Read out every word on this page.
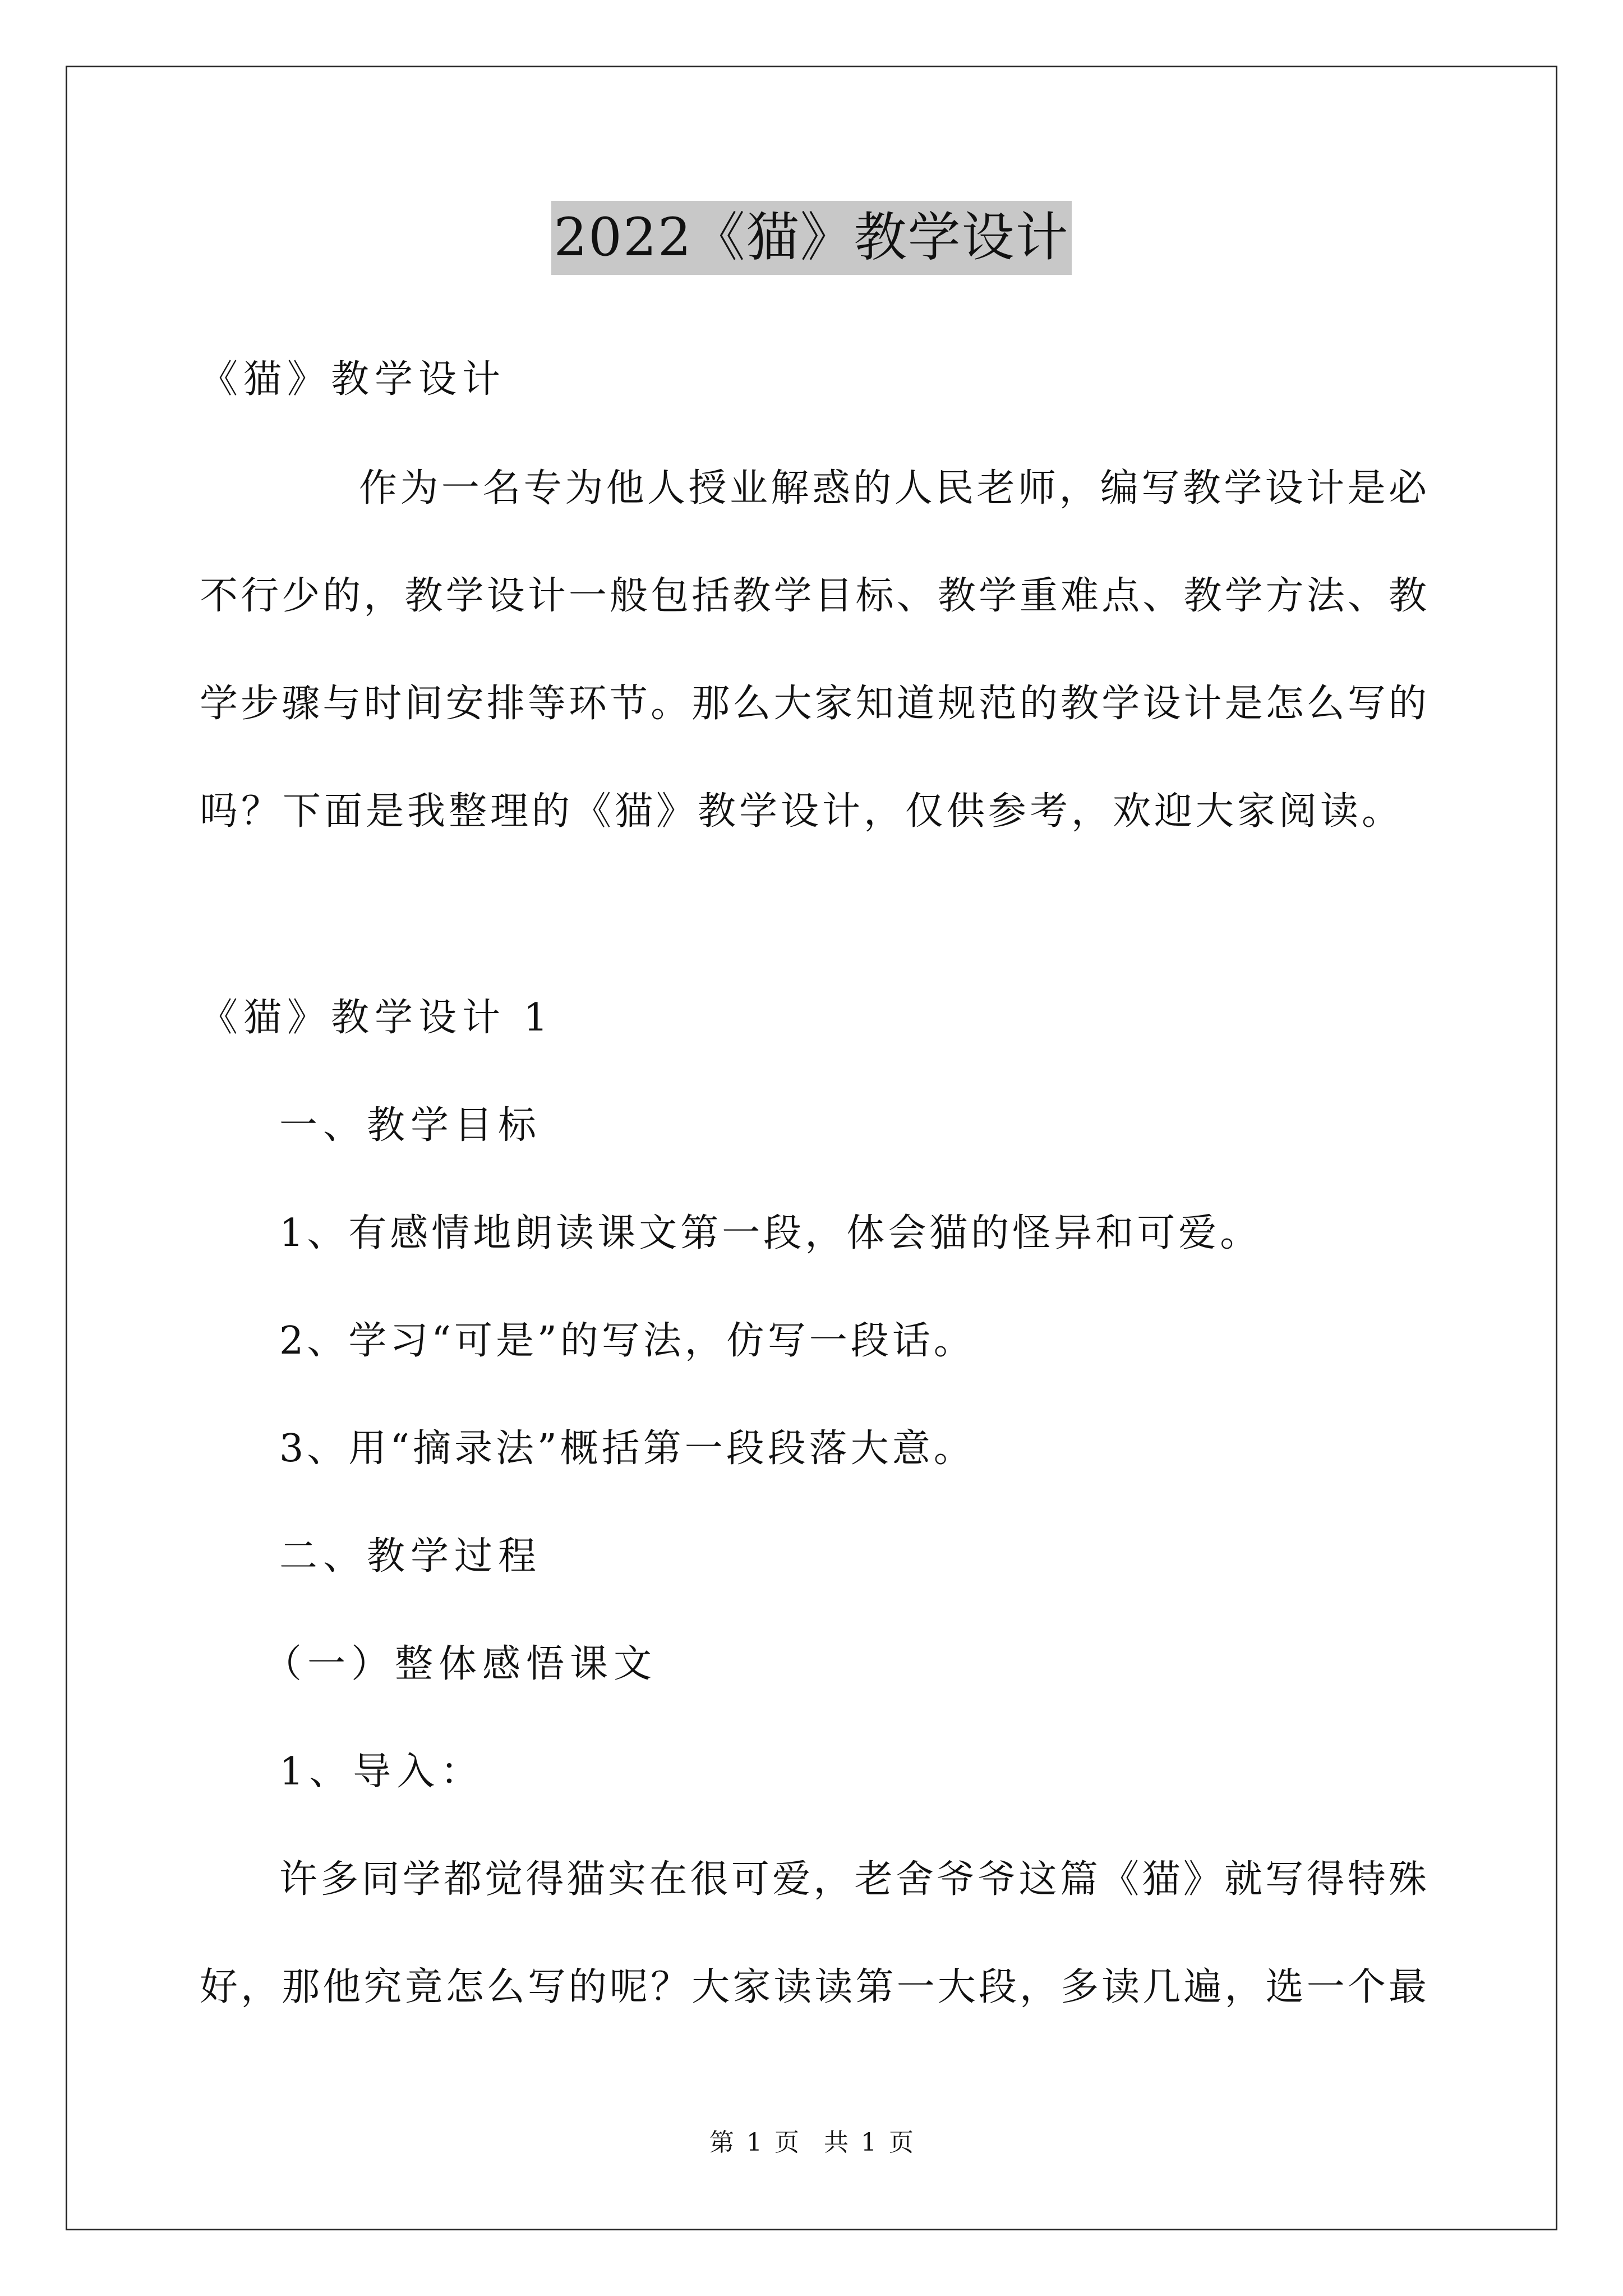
2022《猫》教学设计
《猫》教学设计
作为一名专为他人授业解惑的人民老师，编写教学设计是必
不行少的，教学设计一般包括教学目标、教学重难点、教学方法、教
学步骤与时间安排等环节。那么大家知道规范的教学设计是怎么写的
吗？下面是我整理的《猫》教学设计，仅供参考，欢迎大家阅读。
《猫》教学设计 1
一、教学目标
1、有感情地朗读课文第一段，体会猫的怪异和可爱。
2、学习“可是”的写法，仿写一段话。
3、用“摘录法”概括第一段段落大意。
二、教学过程
（一）整体感悟课文
1、导入：
许多同学都觉得猫实在很可爱，老舍爷爷这篇《猫》就写得特殊
好，那他究竟怎么写的呢？大家读读第一大段，多读几遍，选一个最
第 1 页　共 1 页
